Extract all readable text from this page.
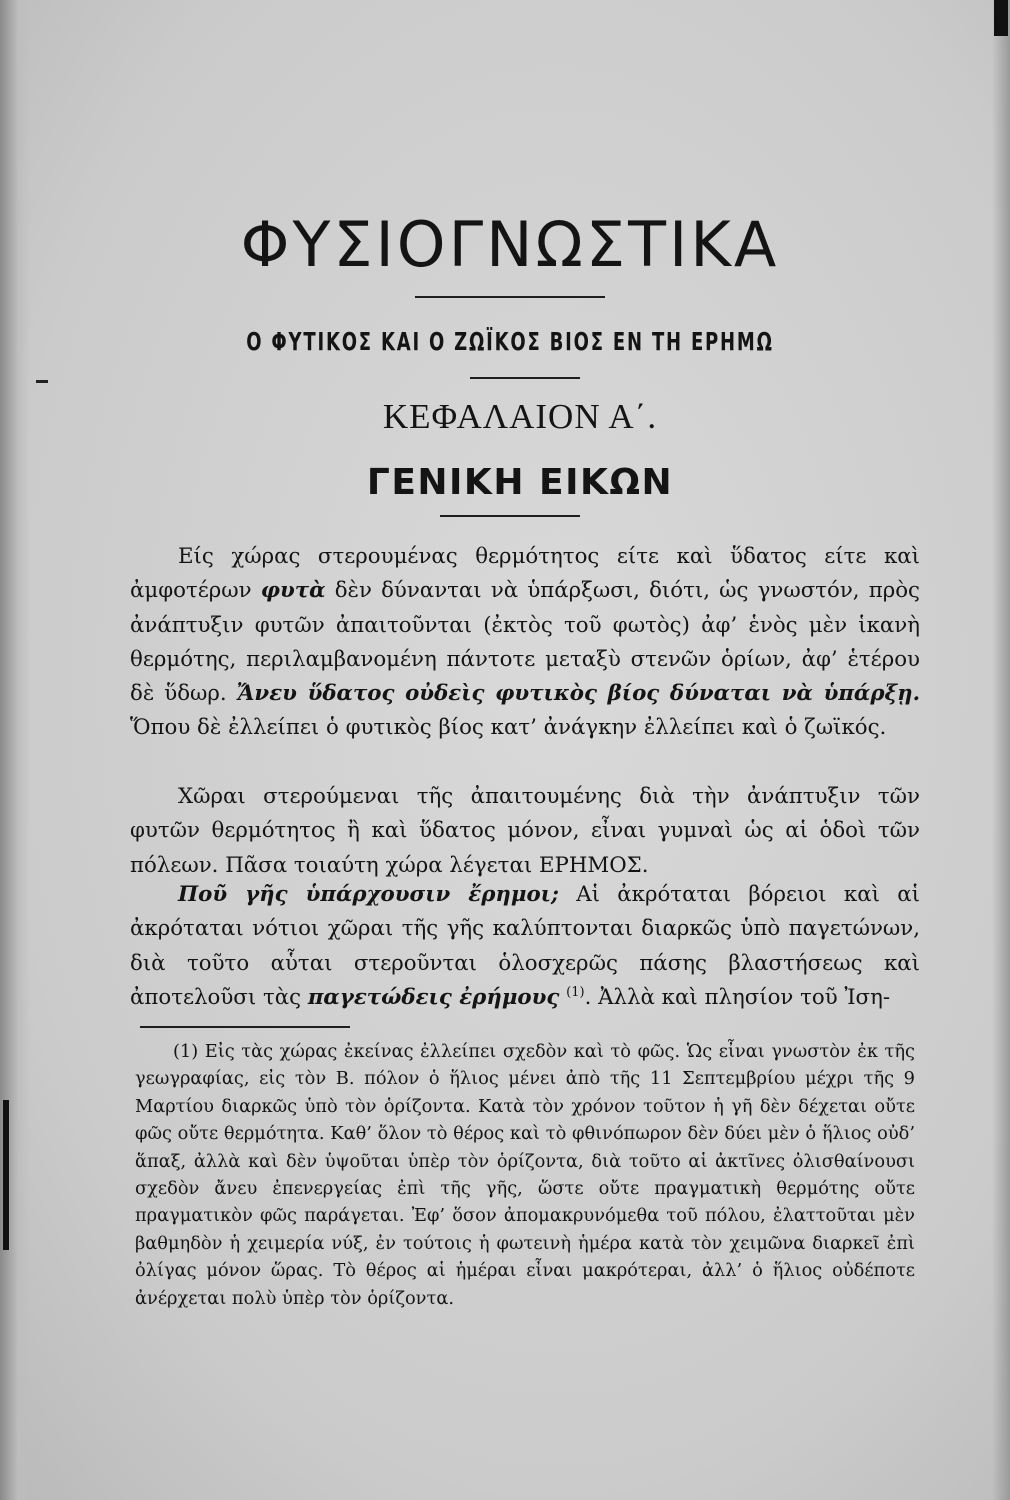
ΦΥΣΙΟΓΝΩΣΤΙΚΑ
Ο ΦΥΤΙΚΟΣ ΚΑΙ Ο ΖΩΪΚΟΣ ΒΙΟΣ ΕΝ ΤΗ ΕΡΗΜΩ
ΚΕΦΑΛΑΙΟΝ Α΄.
ΓΕΝΙΚΗ ΕΙΚΩΝ

Είς χώρας στερουμένας θερμότητος είτε καὶ ὕδατος είτε καὶ ἀμφοτέρων φυτὰ δὲν δύνανται νὰ ὑπάρξωσι, διότι, ὡς γνωστόν, πρὸς ἀνάπτυξιν φυτῶν ἀπαιτοῦνται (ἐκτὸς τοῦ φωτὸς) ἀφ’ ἑνὸς μὲν ἱκανὴ θερμότης, περιλαμβανομένη πάντοτε μεταξὺ στενῶν ὁρίων, ἀφ’ ἑτέρου δὲ ὕδωρ. Ἄνευ ὕδατος οὐδεὶς φυτικὸς βίος δύναται νὰ ὑπάρξῃ. Ὅπου δὲ ἐλλείπει ὁ φυτικὸς βίος κατ’ ἀνάγκην ἐλλείπει καὶ ὁ ζωϊκός.

Χῶραι στερούμεναι τῆς ἀπαιτουμένης διὰ τὴν ἀνάπτυξιν τῶν φυτῶν θερμότητος ἢ καὶ ὕδατος μόνον, εἶναι γυμναὶ ὡς αἱ ὁδοὶ τῶν πόλεων. Πᾶσα τοιαύτη χώρα λέγεται ΕΡΗΜΟΣ.

Ποῦ γῆς ὑπάρχουσιν ἔρημοι; Αἱ ἀκρόταται βόρειοι καὶ αἱ ἀκρόταται νότιοι χῶραι τῆς γῆς καλύπτονται διαρκῶς ὑπὸ παγετώνων, διὰ τοῦτο αὗται στεροῦνται ὁλοσχερῶς πάσης βλαστήσεως καὶ ἀποτελοῦσι τὰς παγετώδεις ἐρήμους $^{(1)}$. Ἀλλὰ καὶ πλησίον τοῦ Ἰση-

(1) Εἰς τὰς χώρας ἐκείνας ἐλλείπει σχεδὸν καὶ τὸ φῶς. Ὡς εἶναι γνωστὸν ἐκ τῆς γεωγραφίας, εἰς τὸν Β. πόλον ὁ ἥλιος μένει ἀπὸ τῆς 11 Σεπτεμβρίου μέχρι τῆς 9 Μαρτίου διαρκῶς ὑπὸ τὸν ὁρίζοντα. Κατὰ τὸν χρόνον τοῦτον ἡ γῆ δὲν δέχεται οὔτε φῶς οὔτε θερμότητα. Καθ’ ὅλον τὸ θέρος καὶ τὸ φθινόπωρον δὲν δύει μὲν ὁ ἥλιος οὐδ’ ἅπαξ, ἀλλὰ καὶ δὲν ὑψοῦται ὑπὲρ τὸν ὁρίζοντα, διὰ τοῦτο αἱ ἀκτῖνες ὀλισθαίνουσι σχεδὸν ἄνευ ἐπενεργείας ἐπὶ τῆς γῆς, ὥστε οὔτε πραγματικὴ θερμότης οὔτε πραγματικὸν φῶς παράγεται. Ἐφ’ ὅσον ἀπομακρυνόμεθα τοῦ πόλου, ἐλαττοῦται μὲν βαθμηδὸν ἡ χειμερία νύξ, ἐν τούτοις ἡ φωτεινὴ ἡμέρα κατὰ τὸν χειμῶνα διαρκεῖ ἐπὶ ὀλίγας μόνον ὥρας. Τὸ θέρος αἱ ἡμέραι εἶναι μακρότεραι, ἀλλ’ ὁ ἥλιος οὐδέποτε ἀνέρχεται πολὺ ὑπὲρ τὸν ὁρίζοντα.
